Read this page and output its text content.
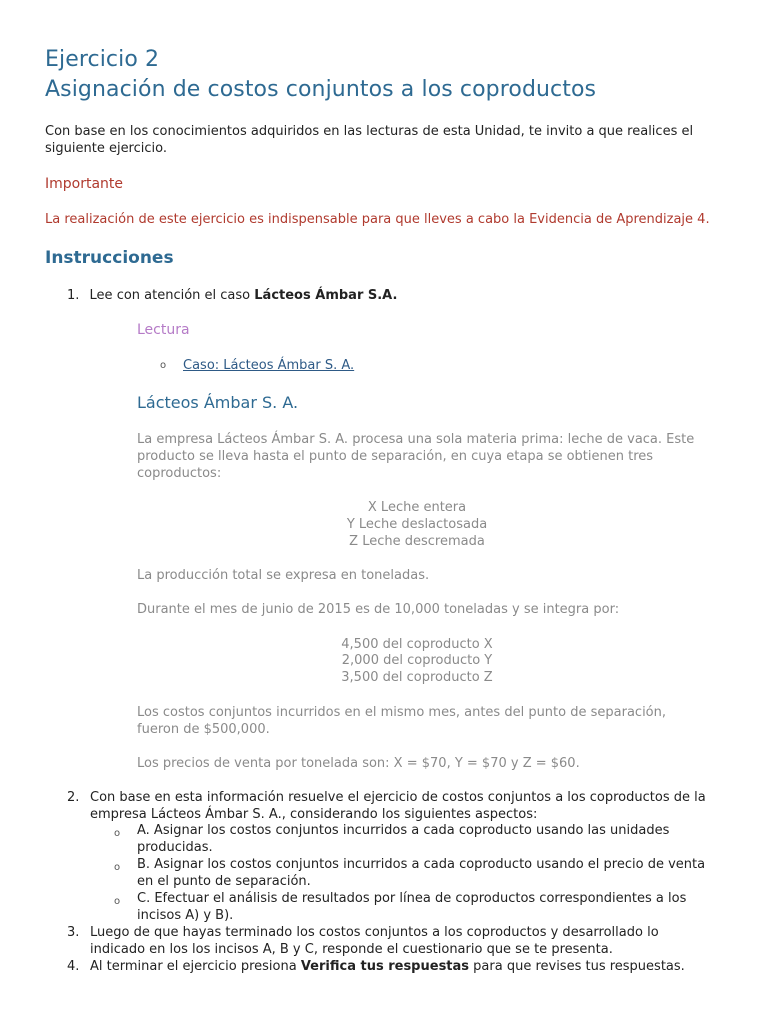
Ejercicio 2
Asignación de costos conjuntos a los coproductos

Con base en los conocimientos adquiridos en las lecturas de esta Unidad, te invito a que realices el siguiente ejercicio.

Importante

La realización de este ejercicio es indispensable para que lleves a cabo la Evidencia de Aprendizaje 4.

Instrucciones
1. Lee con atención el caso Lácteos Ámbar S.A.

Lectura

o Caso: Lácteos Ámbar S. A.

Lácteos Ámbar S. A.

La empresa Lácteos Ámbar S. A. procesa una sola materia prima: leche de vaca. Este producto se lleva hasta el punto de separación, en cuya etapa se obtienen tres coproductos:

X Leche entera

Y Leche deslactosada

Z Leche descremada

La producción total se expresa en toneladas.

Durante el mes de junio de 2015 es de 10,000 toneladas y se integra por:

4,500 del coproducto X

2,000 del coproducto Y

3,500 del coproducto Z

Los costos conjuntos incurridos en el mismo mes, antes del punto de separación, fueron de $500,000.

Los precios de venta por tonelada son: X = $70, Y = $70 y Z = $60.

2. Con base en esta información resuelve el ejercicio de costos conjuntos a los coproductos de la empresa Lácteos Ámbar S. A., considerando los siguientes aspectos:
o A. Asignar los costos conjuntos incurridos a cada coproducto usando las unidades producidas.
o B. Asignar los costos conjuntos incurridos a cada coproducto usando el precio de venta en el punto de separación.
o C. Efectuar el análisis de resultados por línea de coproductos correspondientes a los incisos A) y B).
3. Luego de que hayas terminado los costos conjuntos a los coproductos y desarrollado lo indicado en los los incisos A, B y C, responde el cuestionario que se te presenta.
4. Al terminar el ejercicio presiona Verifica tus respuestas para que revises tus respuestas.
